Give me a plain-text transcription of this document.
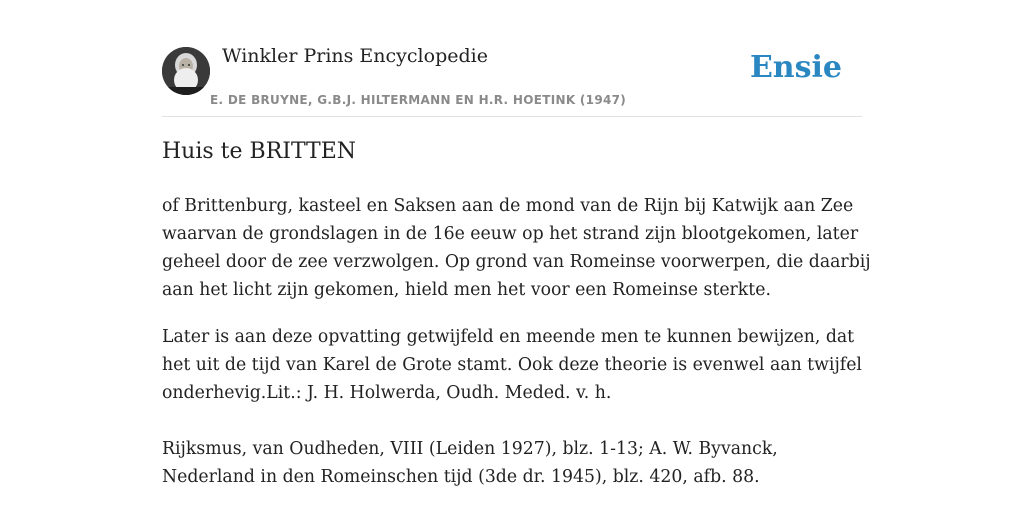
Winkler Prins Encyclopedie
E. DE BRUYNE, G.B.J. HILTERMANN EN H.R. HOETINK (1947)
Ensie
Huis te BRITTEN

of Brittenburg, kasteel en Saksen aan de mond van de Rijn bij Katwijk aan Zee waarvan de grondslagen in de 16e eeuw op het strand zijn blootgekomen, later geheel door de zee verzwolgen. Op grond van Romeinse voorwerpen, die daarbij aan het licht zijn gekomen, hield men het voor een Romeinse sterkte.

Later is aan deze opvatting getwijfeld en meende men te kunnen bewijzen, dat het uit de tijd van Karel de Grote stamt. Ook deze theorie is evenwel aan twijfel onderhevig.Lit.: J. H. Holwerda, Oudh. Meded. v. h.

Rijksmus, van Oudheden, VIII (Leiden 1927), blz. 1-13; A. W. Byvanck, Nederland in den Romeinschen tijd (3de dr. 1945), blz. 420, afb. 88.
